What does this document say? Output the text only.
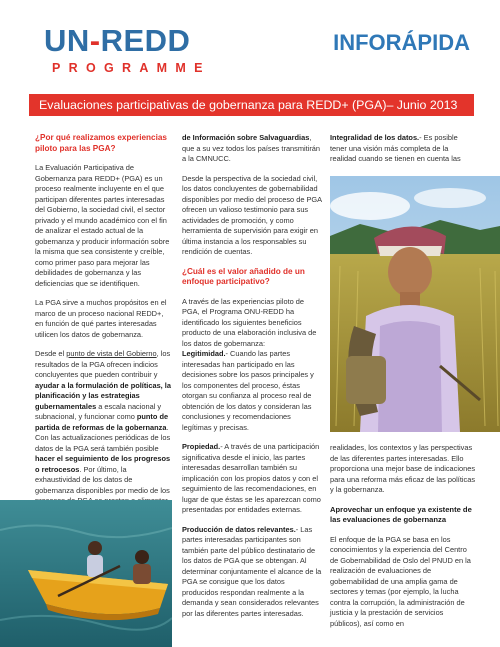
UN-REDD
PROGRAMME
INFORÁPIDA
Evaluaciones participativas de gobernanza para REDD+ (PGA)– Junio 2013

¿Por qué realizamos experiencias piloto para las PGA?

La Evaluación Participativa de Gobernanza para REDD+ (PGA) es un proceso realmente incluyente en el que participan diferentes partes interesadas del Gobierno, la sociedad civil, el sector privado y el mundo académico con el fin de analizar el estado actual de la gobernanza y producir información sobre la misma que sea consistente y creíble, como primer paso para mejorar las debilidades de gobernanza y las deficiencias que se identifiquen.

La PGA sirve a muchos propósitos en el marco de un proceso nacional REDD+, en función de qué partes interesadas utilicen los datos de gobernanza.

Desde el punto de vista del Gobierno, los resultados de la PGA ofrecen indicios concluyentes que pueden contribuir y ayudar a la formulación de políticas, la planificación y las estrategias gubernamentales a escala nacional y subnacional, y funcionar como punto de partida de reformas de la gobernanza. Con las actualizaciones periódicas de los datos de la PGA será también posible hacer el seguimiento de los progresos o retrocesos. Por último, la exhaustividad de los datos de gobernanza disponibles por medio de los

de Información sobre Salvaguardias, que a su vez todos los países transmitirán a la CMNUCC.

Desde la perspectiva de la sociedad civil, los datos concluyentes de gobernabilidad disponibles por medio del proceso de PGA ofrecen un valioso testimonio para sus actividades de promoción, y como herramienta de supervisión para exigir en última instancia a los responsables su rendición de cuentas.

¿Cuál es el valor añadido de un enfoque participativo?

A través de las experiencias piloto de PGA, el Programa ONU-REDD ha identificado los siguientes beneficios producto de una elaboración inclusiva de los datos de gobernanza:
Legitimidad.- Cuando las partes interesadas han participado en las decisiones sobre los pasos principales y los componentes del proceso, éstas otorgan su confianza al proceso real de obtención de los datos y consideran las conclusiones y recomendaciones legítimas y precisas.

Propiedad.- A través de una participación significativa desde el inicio, las partes interesadas desarrollan también su implicación con los propios datos y con el seguimiento de las recomendaciones, en lugar de que éstas se les aparezcan como presentadas por entidades externas.

Producción de datos relevantes.- Las partes interesadas participantes son también parte del público destinatario de los datos de PGA que se obtengan. Al determinar conjuntamente el alcance de la PGA se consigue que los datos producidos respondan realmente a la demanda y sean considerados relevantes por las diferentes partes interesadas.

Integralidad de los datos.- Es posible tener una visión más completa de la realidad cuando se tienen en cuenta las

realidades, los contextos y las perspectivas de las diferentes partes interesadas. Ello proporciona una mejor base de indicaciones para una reforma más eficaz de las políticas y la gobernanza.

Aprovechar un enfoque ya existente de las evaluaciones de gobernanza

El enfoque de la PGA se basa en los conocimientos y la experiencia del Centro de Gobernabilidad de Oslo del PNUD en la realización de evaluaciones de gobernabilidad de una amplia gama de sectores y temas (por ejemplo, la lucha contra la corrupción, la administración de justicia y la prestación de servicios públicos), así como en
